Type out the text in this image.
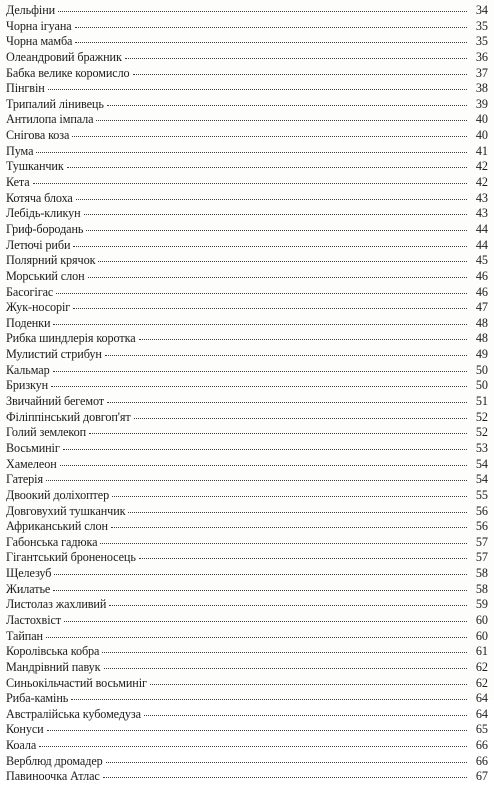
Дельфіни	34
Чорна ігуана	35
Чорна мамба	35
Олеандровий бражник	36
Бабка велике коромисло	37
Пінгвін	38
Трипалий лінивець	39
Антилопа імпала	40
Снігова коза	40
Пума	41
Тушканчик	42
Кета	42
Котяча блоха	43
Лебідь-кликун	43
Гриф-бородань	44
Летючі риби	44
Полярний крячок	45
Морський слон	46
Басогігас	46
Жук-носоріг	47
Поденки	48
Рибка шиндлерія коротка	48
Мулистий стрибун	49
Кальмар	50
Бризкун	50
Звичайний бегемот	51
Філіппінський довгоп'ят	52
Голий землекоп	52
Восьминіг	53
Хамелеон	54
Гатерія	54
Двоокий доліхоптер	55
Довговухий тушканчик	56
Африканський слон	56
Габонська гадюка	57
Гігантський броненосець	57
Щелезуб	58
Жилатье	58
Листолаз жахливий	59
Ластохвіст	60
Тайпан	60
Королівська кобра	61
Мандрівний павук	62
Синьокільчастий восьминіг	62
Риба-камінь	64
Австралійська кубомедуза	64
Конуси	65
Коала	66
Верблюд дромадер	66
Павиноочка Атлас	67
